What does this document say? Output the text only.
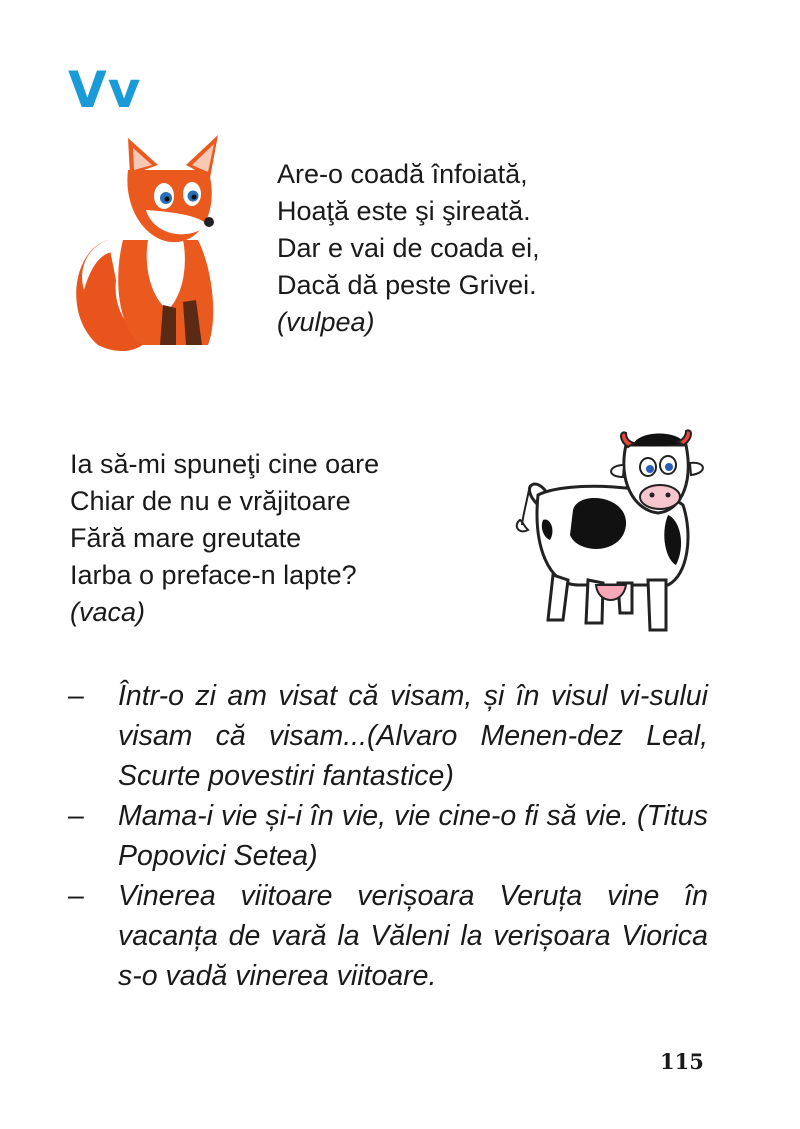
Vv
Are-o coadă înfoiată,
Hoaţă este şi şireată.
Dar e vai de coada ei,
Dacă dă peste Grivei.
(vulpea)
Ia să-mi spuneţi cine oare
Chiar de nu e vrăjitoare
Fără mare greutate
Iarba o preface-n lapte?
(vaca)
– Într-o zi am visat că visam, și în visul vi-sului visam că visam...(Alvaro Menen-dez Leal, Scurte povestiri fantastice)
– Mama-i vie și-i în vie, vie cine-o fi să vie. (Titus Popovici Setea)
– Vinerea viitoare verișoara Veruța vine în vacanța de vară la Văleni la verișoara Viorica s-o vadă vinerea viitoare.
115
